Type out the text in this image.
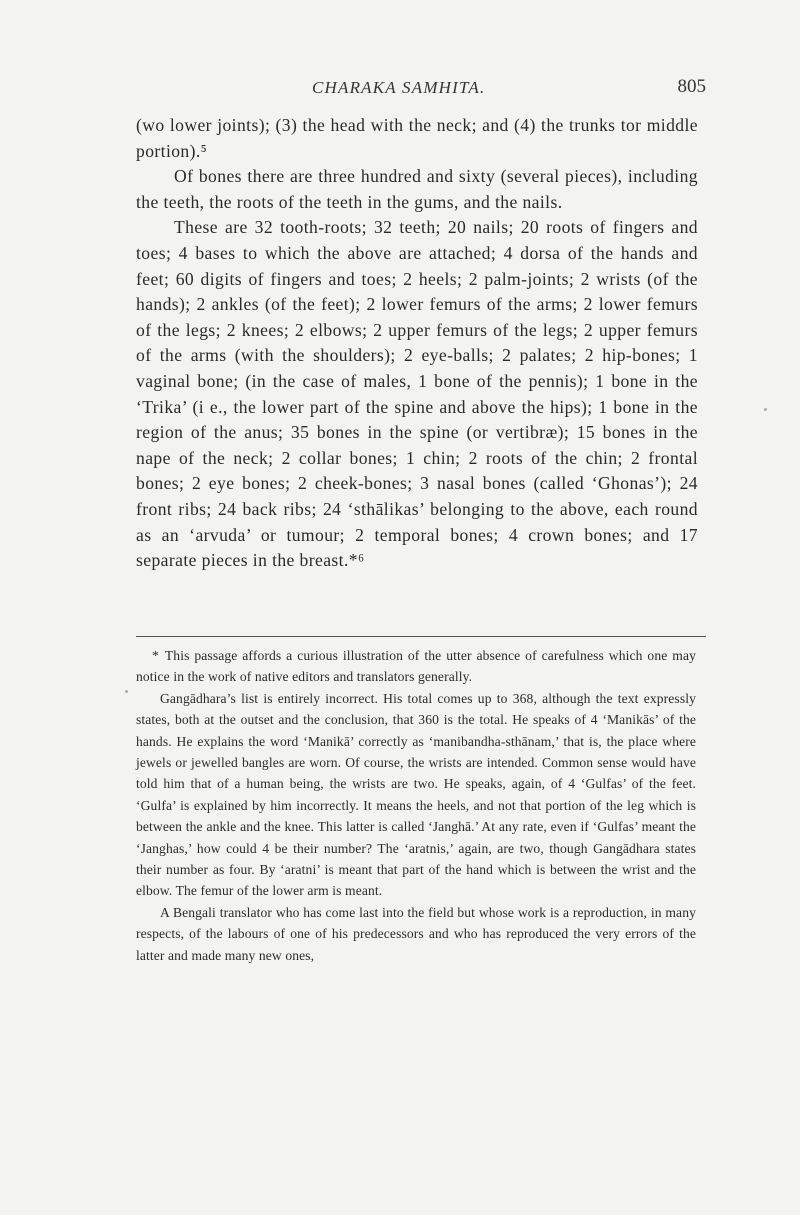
CHARAKA SAMHITA.	805

(wo lower joints); (3) the head with the neck; and (4) the trunks tor middle portion).⁵

Of bones there are three hundred and sixty (several pieces), including the teeth, the roots of the teeth in the gums, and the nails.

These are 32 tooth-roots; 32 teeth; 20 nails; 20 roots of fingers and toes; 4 bases to which the above are attached; 4 dorsa of the hands and feet; 60 digits of fingers and toes; 2 heels; 2 palm-joints; 2 wrists (of the hands); 2 ankles (of the feet); 2 lower femurs of the arms; 2 lower femurs of the legs; 2 knees; 2 elbows; 2 upper femurs of the legs; 2 upper femurs of the arms (with the shoulders); 2 eye-balls; 2 palates; 2 hip-bones; 1 vaginal bone; (in the case of males, 1 bone of the pennis); 1 bone in the ‘Trika’ (i e., the lower part of the spine and above the hips); 1 bone in the region of the anus; 35 bones in the spine (or vertibræ); 15 bones in the nape of the neck; 2 collar bones; 1 chin; 2 roots of the chin; 2 frontal bones; 2 eye bones; 2 cheek-bones; 3 nasal bones (called ‘Ghonas’); 24 front ribs; 24 back ribs; 24 ‘sthālikas’ belonging to the above, each round as an ‘arvuda’ or tumour; 2 temporal bones; 4 crown bones; and 17 separate pieces in the breast.*⁶

* This passage affords a curious illustration of the utter absence of carefulness which one may notice in the work of native editors and translators generally.

Gangādhara’s list is entirely incorrect. His total comes up to 368, although the text expressly states, both at the outset and the conclusion, that 360 is the total. He speaks of 4 ‘Manikās’ of the hands. He explains the word ‘Manikā’ correctly as ‘manibandha-sthānam,’ that is, the place where jewels or jewelled bangles are worn. Of course, the wrists are intended. Common sense would have told him that of a human being, the wrists are two. He speaks, again, of 4 ‘Gulfas’ of the feet. ‘Gulfa’ is explained by him incorrectly. It means the heels, and not that portion of the leg which is between the ankle and the knee. This latter is called ‘Janghā.’ At any rate, even if ‘Gulfas’ meant the ‘Janghas,’ how could 4 be their number? The ‘aratnis,’ again, are two, though Gangādhara states their number as four. By ‘aratni’ is meant that part of the hand which is between the wrist and the elbow. The femur of the lower arm is meant.

A Bengali translator who has come last into the field but whose work is a reproduction, in many respects, of the labours of one of his predecessors and who has reproduced the very errors of the latter and made many new ones,
